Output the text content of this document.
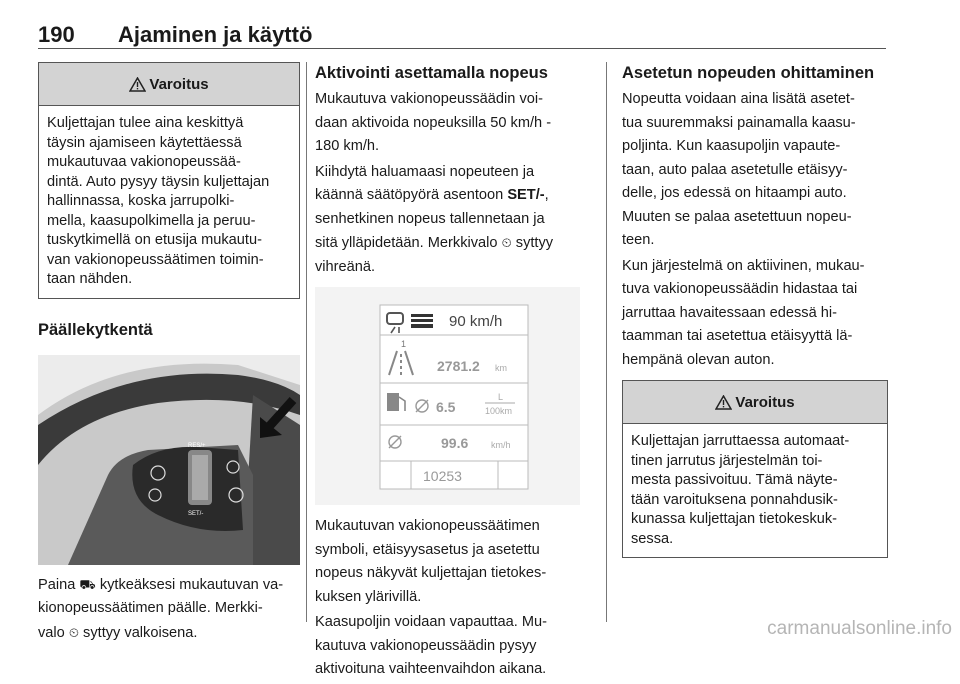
190 Ajaminen ja käyttö
Varoitus

Kuljettajan tulee aina keskittyä

täysin ajamiseen käytettäessä

mukautuvaa vakionopeussää-

dintä. Auto pysyy täysin kuljettajan

hallinnassa, koska jarrupolki-

mella, kaasupolkimella ja peruu-

tuskytkimellä on etusija mukautu-

van vakionopeussäätimen toimin-

taan nähden.

Päällekytkentä
RES/+
SET/-

Paina ⛟ kytkeäksesi mukautuvan va-

kionopeussäätimen päälle. Merkki-

valo ⏲ syttyy valkoisena.

Aktivointi asettamalla nopeus

Mukautuva vakionopeussäädin voi-

daan aktivoida nopeuksilla 50 km/h -

180 km/h.

Kiihdytä haluamaasi nopeuteen ja

käännä säätöpyörä asentoon SET/-,

senhetkinen nopeus tallennetaan ja

sitä ylläpidetään. Merkkivalo ⏲ syttyy

vihreänä.

90 km/h
1
2781.2 km
6.5
L
100km
99.6	km/h
10253

Mukautuvan vakionopeussäätimen

symboli, etäisyysasetus ja asetettu

nopeus näkyvät kuljettajan tietokes-

kuksen ylärivillä.

Kaasupoljin voidaan vapauttaa. Mu-

kautuva vakionopeussäädin pysyy

aktivoituna vaihteenvaihdon aikana.

Asetetun nopeuden ohittaminen

Nopeutta voidaan aina lisätä asetet-

tua suuremmaksi painamalla kaasu-

poljinta. Kun kaasupoljin vapaute-

taan, auto palaa asetetulle etäisyy-

delle, jos edessä on hitaampi auto.

Muuten se palaa asetettuun nopeu-

teen.

Kun järjestelmä on aktiivinen, mukau-

tuva vakionopeussäädin hidastaa tai

jarruttaa havaitessaan edessä hi-

taamman tai asetettua etäisyyttä lä-

hempänä olevan auton.

Varoitus

Kuljettajan jarruttaessa automaat-

tinen jarrutus järjestelmän toi-

mesta passivoituu. Tämä näyte-

tään varoituksena ponnahdusik-

kunassa kuljettajan tietokeskuk-

sessa.

carmanualsonline.info
